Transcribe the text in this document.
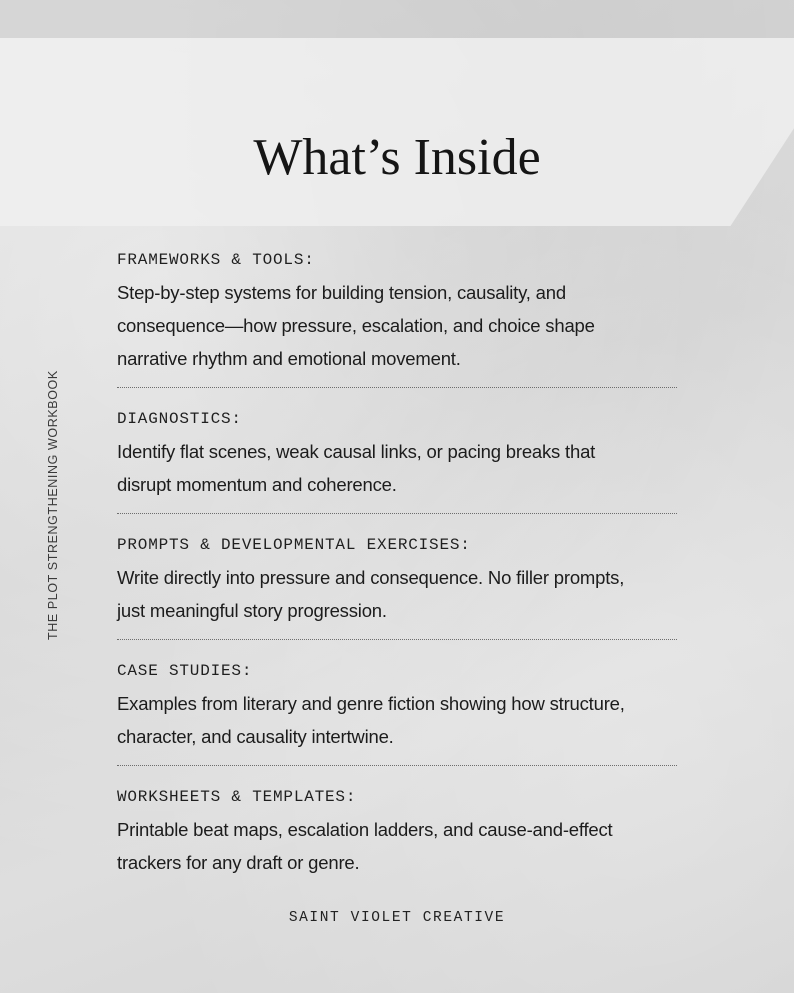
What’s Inside
THE PLOT STRENGTHENING WORKBOOK
FRAMEWORKS & TOOLS:
Step-by-step systems for building tension, causality, and
consequence—how pressure, escalation, and choice shape
narrative rhythm and emotional movement.
DIAGNOSTICS:
Identify flat scenes, weak causal links, or pacing breaks that
disrupt momentum and coherence.
PROMPTS & DEVELOPMENTAL EXERCISES:
Write directly into pressure and consequence. No filler prompts,
just meaningful story progression.
CASE STUDIES:
Examples from literary and genre fiction showing how structure,
character, and causality intertwine.
WORKSHEETS & TEMPLATES:
Printable beat maps, escalation ladders, and cause-and-effect
trackers for any draft or genre.
SAINT VIOLET CREATIVE
